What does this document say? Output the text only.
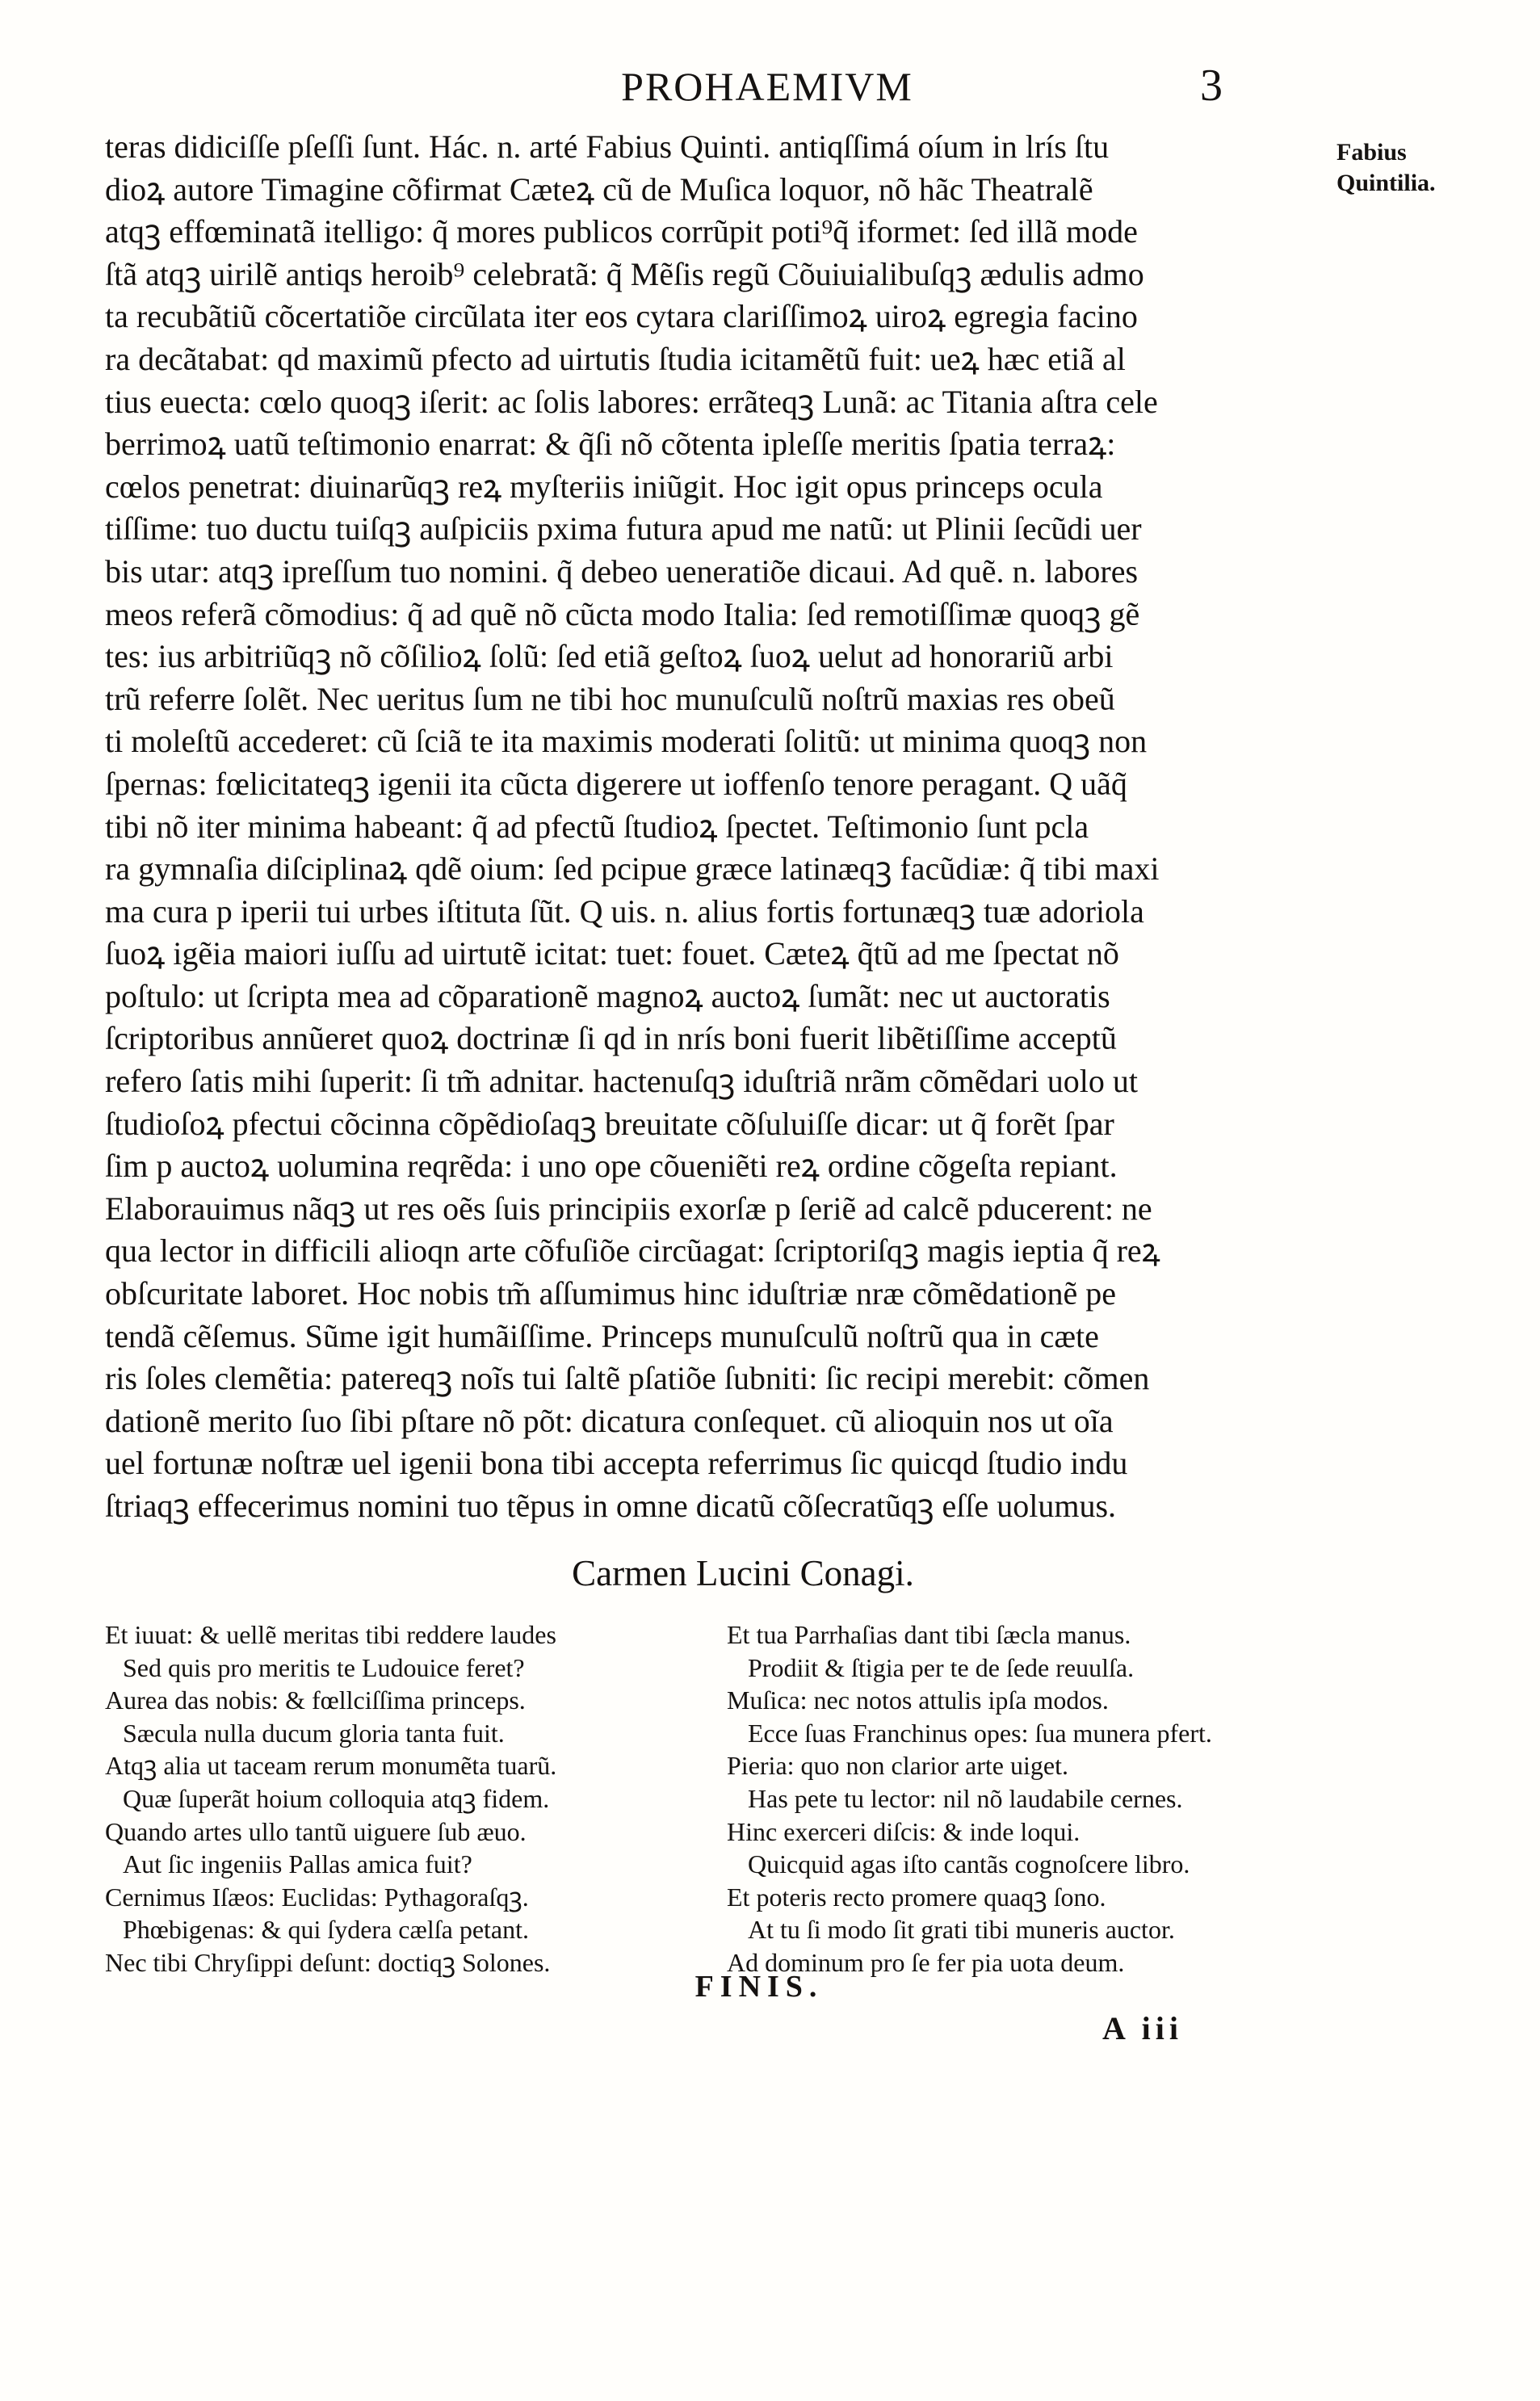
PROHAEMIVM	3
Fabius
Quintilia.
teras didiciſſe pſeſſi ſunt. Hác. n. arté Fabius Quinti. antiqſſimá oíum in lrís ſtu
dioꝝ autore Timagine cõfirmat Cæteꝝ cũ de Muſica loquor, nõ hãc Theatralẽ
atqꝫ effœminatã itelligo: q̃ mores publicos corrũpit poti⁹q̃ iformet: ſed illã mode
ſtã atqꝫ uirilẽ antiqs heroib⁹ celebratã: q̃ Mẽſis regũ Cõuiuialibuſqꝫ ædulis admo
ta recubãtiũ cõcertatiõe circũlata iter eos cytara clariſſimoꝝ uiroꝝ egregia facino
ra decãtabat: qd maximũ pfecto ad uirtutis ſtudia icitamẽtũ fuit: ueꝝ hæc etiã al
tius euecta: cœlo quoqꝫ iſerit: ac ſolis labores: errãteqꝫ Lunã: ac Titania aſtra cele
berrimoꝝ uatũ teſtimonio enarrat: & q̃ſi nõ cõtenta ipleſſe meritis ſpatia terraꝝ:
cœlos penetrat: diuinarũqꝫ reꝝ myſteriis iniũgit. Hoc igit opus princeps ocula
tiſſime: tuo ductu tuiſqꝫ auſpiciis pxima futura apud me natũ: ut Plinii ſecũdi uer
bis utar: atqꝫ ipreſſum tuo nomini. q̃ debeo ueneratiõe dicaui. Ad quẽ. n. labores
meos referã cõmodius: q̃ ad quẽ nõ cũcta modo Italia: ſed remotiſſimæ quoqꝫ gẽ
tes: ius arbitriũqꝫ nõ cõſilioꝝ ſolũ: ſed etiã geſtoꝝ ſuoꝝ uelut ad honorariũ arbi
trũ referre ſolẽt. Nec ueritus ſum ne tibi hoc munuſculũ noſtrũ maxias res obeũ
ti moleſtũ accederet: cũ ſciã te ita maximis moderati ſolitũ: ut minima quoqꝫ non
ſpernas: fœlicitateqꝫ igenii ita cũcta digerere ut ioffenſo tenore peragant. Q uãq̃
tibi nõ iter minima habeant: q̃ ad pfectũ ſtudioꝝ ſpectet. Teſtimonio ſunt pcla
ra gymnaſia diſciplinaꝝ qdẽ oium: ſed pcipue græce latinæqꝫ facũdiæ: q̃ tibi maxi
ma cura p iperii tui urbes iſtituta ſũt. Q uis. n. alius fortis fortunæqꝫ tuæ adoriola
ſuoꝝ igẽia maiori iuſſu ad uirtutẽ icitat: tuet: fouet. Cæteꝝ q̃tũ ad me ſpectat nõ
poſtulo: ut ſcripta mea ad cõparationẽ magnoꝝ auctoꝝ ſumãt: nec ut auctoratis
ſcriptoribus annũeret quoꝝ doctrinæ ſi qd in nrís boni fuerit libẽtiſſime acceptũ
refero ſatis mihi ſuperit: ſi tm̃ adnitar. hactenuſqꝫ iduſtriã nrãm cõmẽdari uolo ut
ſtudioſoꝝ pfectui cõcinna cõpẽdioſaqꝫ breuitate cõſuluiſſe dicar: ut q̃ forẽt ſpar
ſim p auctoꝝ uolumina reqrẽda: i uno ope cõueniẽti reꝝ ordine cõgeſta repiant.
Elaborauimus nãqꝫ ut res oẽs ſuis principiis exorſæ p ſeriẽ ad calcẽ pducerent: ne
qua lector in difficili alioqn arte cõfuſiõe circũagat: ſcriptoriſqꝫ magis ieptia q̃ reꝝ
obſcuritate laboret. Hoc nobis tm̃ aſſumimus hinc iduſtriæ nræ cõmẽdationẽ pe
tendã cẽſemus. Sũme igit humãiſſime. Princeps munuſculũ noſtrũ qua in cæte
ris ſoles clemẽtia: patereqꝫ noĩs tui ſaltẽ pſatiõe ſubniti: ſic recipi merebit: cõmen
dationẽ merito ſuo ſibi pſtare nõ põt: dicatura conſequet. cũ alioquin nos ut oĩa
uel fortunæ noſtræ uel igenii bona tibi accepta referrimus ſic quicqd ſtudio indu
ſtriaqꝫ effecerimus nomini tuo tẽpus in omne dicatũ cõſecratũqꝫ eſſe uolumus.
Carmen Lucini Conagi.
Et iuuat: & uellẽ meritas tibi reddere laudes
Sed quis pro meritis te Ludouice feret?
Aurea das nobis: & fœllciſſima princeps.
Sæcula nulla ducum gloria tanta fuit.
Atqꝫ alia ut taceam rerum monumẽta tuarũ.
Quæ ſuperãt hoium colloquia atqꝫ fidem.
Quando artes ullo tantũ uiguere ſub æuo.
Aut ſic ingeniis Pallas amica fuit?
Cernimus Iſæos: Euclidas: Pythagoraſqꝫ.
Phœbigenas: & qui ſydera cælſa petant.
Nec tibi Chryſippi deſunt: doctiqꝫ Solones.
Et tua Parrhaſias dant tibi ſæcla manus.
Prodiit & ſtigia per te de ſede reuulſa.
Muſica: nec notos attulis ipſa modos.
Ecce ſuas Franchinus opes: ſua munera pfert.
Pieria: quo non clarior arte uiget.
Has pete tu lector: nil nõ laudabile cernes.
Hinc exerceri diſcis: & inde loqui.
Quicquid agas iſto cantãs cognoſcere libro.
Et poteris recto promere quaqꝫ ſono.
At tu ſi modo ſit grati tibi muneris auctor.
Ad dominum pro ſe fer pia uota deum.
FINIS.
A iii
